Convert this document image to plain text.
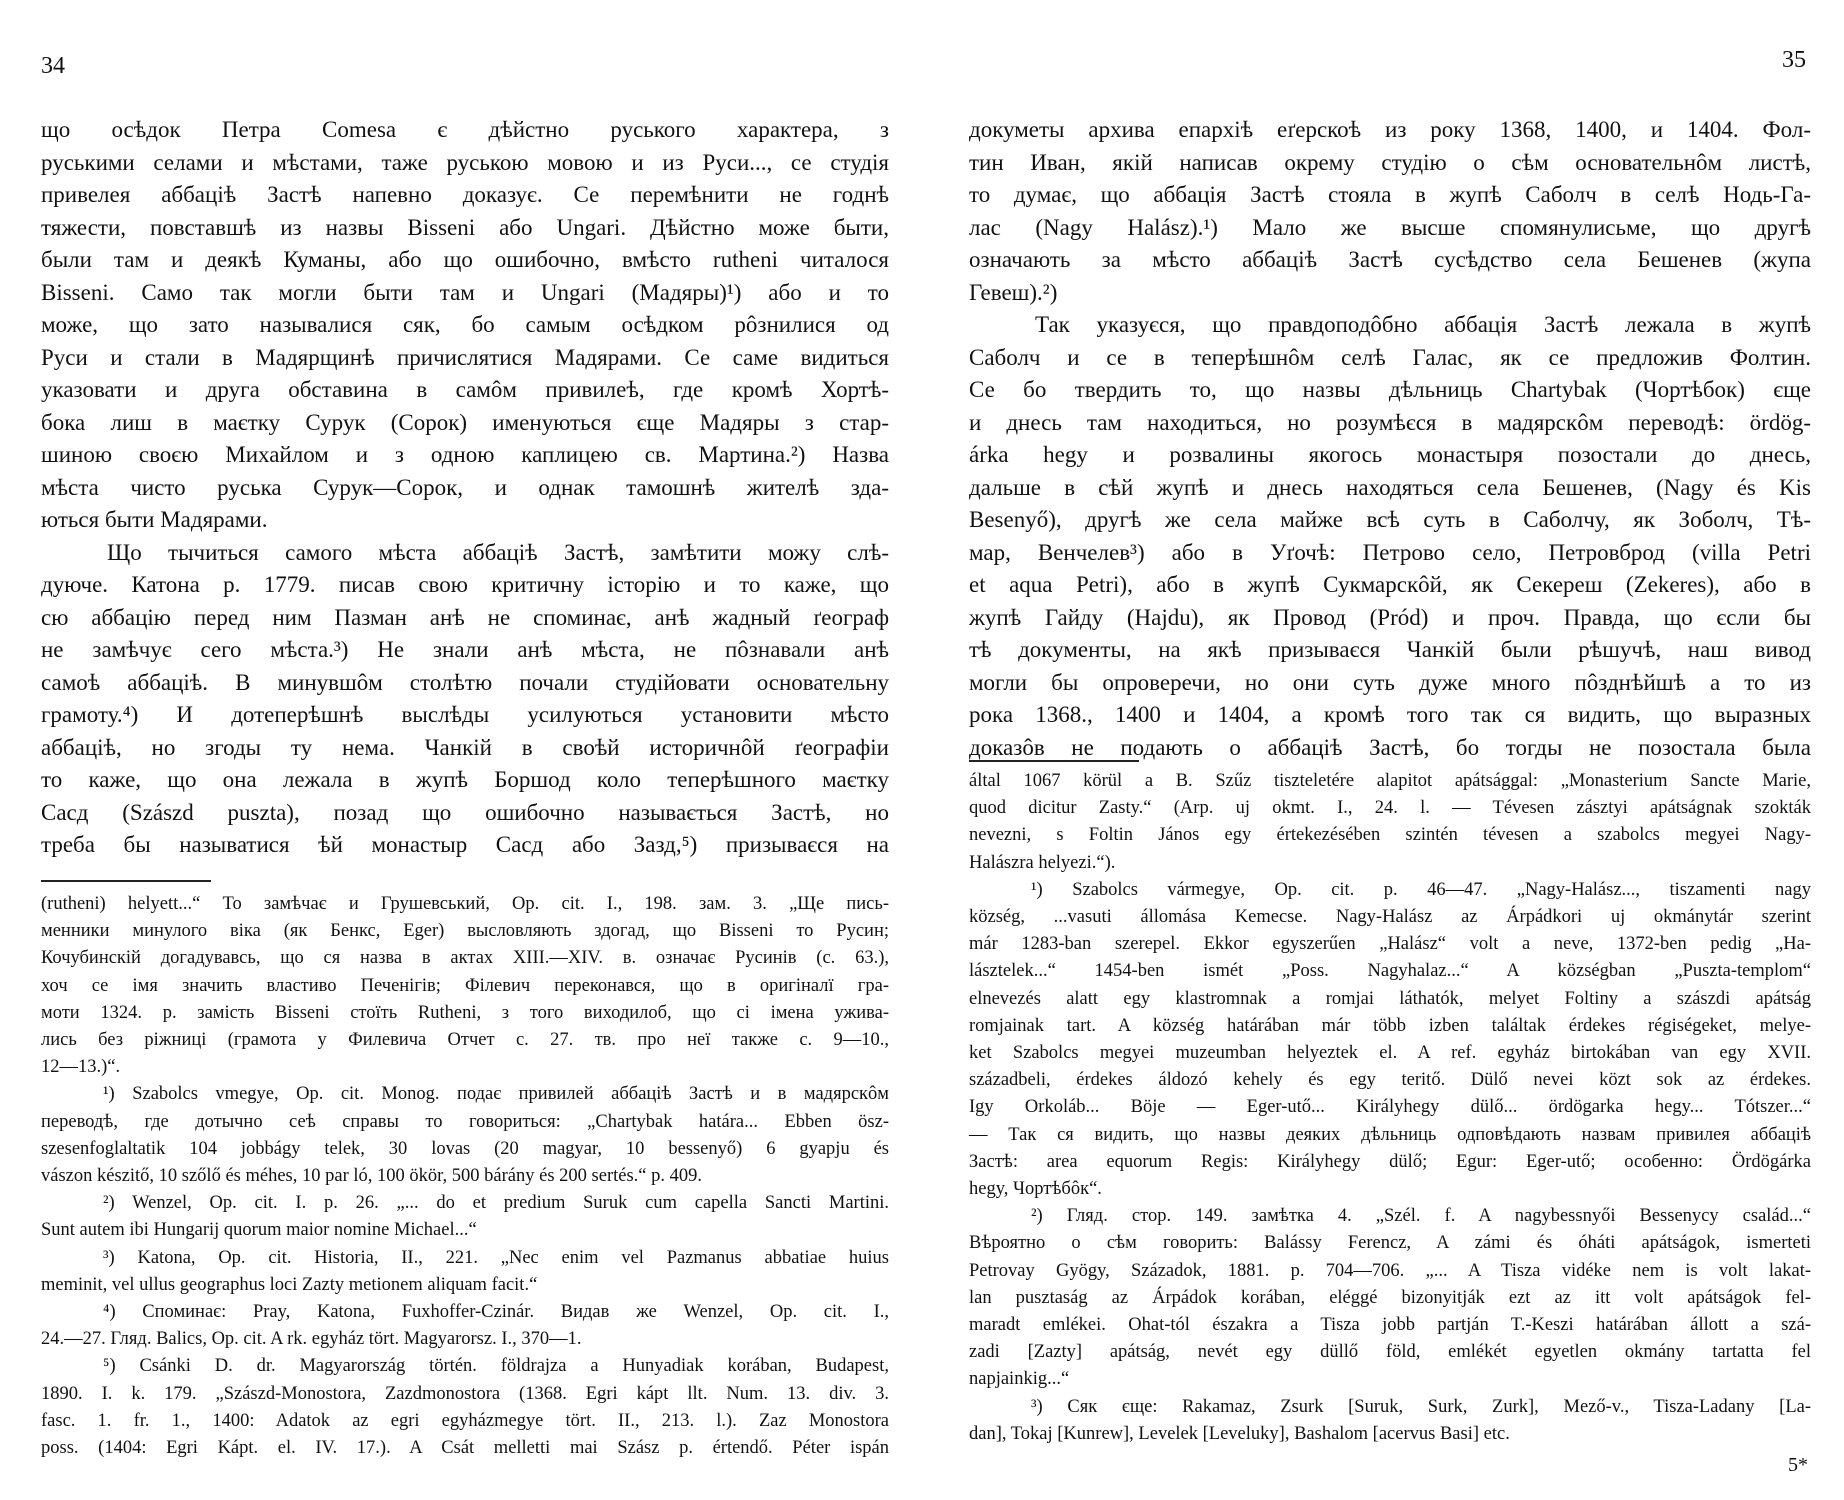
34	35
що осѣдок Петра Comesa є дѣйстно руського характера, з
руськими селами и мѣстами, таже руською мовою и из Руси..., се студія
привелея аббаціѣ Застѣ напевно доказує. Се перемѣнити не годнѣ
тяжести, повставшѣ из назвы Bisseni або Ungari. Дѣйстно може быти,
были там и деякѣ Куманы, або що ошибочно, вмѣсто rutheni читалося
Bisseni. Само так могли быти там и Ungari (Мадяры)¹) або и то
може, що зато называлися сяк, бо самым осѣдком рôзнилися од
Руси и стали в Мадярщинѣ причислятися Мадярами. Се саме видиться
указовати и друга обставина в самôм привилеѣ, где кромѣ Хортѣ-
бока лиш в маєтку Сурук (Сорок) именуються єще Мадяры з стар-
шиною своєю Михайлом и з одною каплицею св. Мартина.²) Назва
мѣста чисто руська Сурук—Сорок, и однак тамошнѣ жителѣ зда-
ються быти Мадярами.
Що тычиться самого мѣста аббаціѣ Застѣ, замѣтити можу слѣ-
дуюче. Катона р. 1779. писав свою критичну історію и то каже, що
сю аббацію перед ним Пазман анѣ не споминає, анѣ жадный ґеограф
не замѣчує сего мѣста.³) Не знали анѣ мѣста, не пôзнавали анѣ
самоѣ аббаціѣ. В минувшôм столѣтю почали студійовати основательну
грамоту.⁴) И дотеперѣшнѣ выслѣды усилуються установити мѣсто
аббаціѣ, но згоды ту нема. Чанкій в своѣй историчнôй ґеографіи
то каже, що она лежала в жупѣ Боршод коло теперѣшного маєтку
Сасд (Szászd puszta), позад що ошибочно называється Застѣ, но
треба бы называтися ѣй монастыр Сасд або Зазд,⁵) призываєся на
(rutheni) helyett...“ То замѣчає и Грушевський, Op. cit. I., 198. зам. 3. „Ще пись-
менники минулого віка (як Бенкс, Eger) высловляють здогад, що Bisseni то Русин;
Кочубинскій догадувавсь, що ся назва в актах XIII.—XIV. в. означає Русинів (с. 63.),
хоч се імя значить властиво Печенігів; Філевич переконався, що в оригіналї гра-
моти 1324. р. замість Bisseni стоїть Rutheni, з того виходилоб, що сі імена ужива-
лись без ріжниці (грамота у Филевича Отчет с. 27. тв. про неї также с. 9—10.,
12—13.)“.
¹) Szabolcs vmegye, Op. cit. Monog. подає привилей аббаціѣ Застѣ и в мадярскôм
переводѣ, где дотычно сеѣ справы то говориться: „Chartybak határa... Ebben ösz-
szesenfoglaltatik 104 jobbágy telek, 30 lovas (20 magyar, 10 bessenyő) 6 gyapju és
vászon készitő, 10 szőlő és méhes, 10 par ló, 100 ökör, 500 bárány és 200 sertés.“ p. 409.
²) Wenzel, Op. cit. I. p. 26. „... do et predium Suruk cum capella Sancti Martini.
Sunt autem ibi Hungarij quorum maior nomine Michael...“
³) Katona, Op. cit. Historia, II., 221. „Nec enim vel Pazmanus abbatiae huius
meminit, vel ullus geographus loci Zazty metionem aliquam facit.“
⁴) Споминає: Pray, Katona, Fuxhoffer-Czinár. Видав же Wenzel, Op. cit. I.,
24.—27. Гляд. Balics, Op. cit. A rk. egyház tört. Magyarorsz. I., 370—1.
⁵) Csánki D. dr. Magyarország történ. földrajza a Hunyadiak korában, Budapest,
1890. I. k. 179. „Szászd-Monostora, Zazdmonostora (1368. Egri kápt llt. Num. 13. div. 3.
fasc. 1. fr. 1., 1400: Adatok az egri egyházmegye tört. II., 213. l.). Zaz Monostora
poss. (1404: Egri Kápt. el. IV. 17.). A Csát melletti mai Szász p. értendő. Péter ispán
докуметы архива епархіѣ еґерскоѣ из року 1368, 1400, и 1404. Фол-
тин Иван, якій написав окрему студію о сѣм основательнôм листѣ,
то думає, що аббація Застѣ стояла в жупѣ Саболч в селѣ Нодь-Га-
лас (Nagy Halász).¹) Мало же высше спомянулисьме, що другѣ
означають за мѣсто аббаціѣ Застѣ сусѣдство села Бешенев (жупа
Гевеш).²)
Так указуєся, що правдоподôбно аббація Застѣ лежала в жупѣ
Саболч и се в теперѣшнôм селѣ Галас, як се предложив Фолтин.
Се бо твердить то, що назвы дѣльниць Chartybak (Чортѣбок) єще
и днесь там находиться, но розумѣєся в мадярскôм переводѣ: ördög-
árka hegy и розвалины якогось монастыря позостали до днесь,
дальше в сѣй жупѣ и днесь находяться села Бешенев, (Nagy és Kis
Besenyő), другѣ же села майже всѣ суть в Саболчу, як Зоболч, Тѣ-
мар, Венчелев³) або в Уґочѣ: Петрово село, Петровброд (villa Petri
et aqua Petri), або в жупѣ Сукмарскôй, як Секереш (Zekeres), або в
жупѣ Гайду (Hajdu), як Провод (Pród) и проч. Правда, що єсли бы
тѣ документы, на якѣ призываєся Чанкій были рѣшучѣ, наш вивод
могли бы опроверечи, но они суть дуже много пôзднѣйшѣ а то из
рока 1368., 1400 и 1404, а кромѣ того так ся видить, що выразных
доказôв не подають о аббаціѣ Застѣ, бо тогды не позостала была
által 1067 körül a B. Szűz tiszteletére alapitot apátsággal: „Monasterium Sancte Marie,
quod dicitur Zasty.“ (Arp. uj okmt. I., 24. l. — Tévesen zásztyi apátságnak szokták
nevezni, s Foltin János egy értekezésében szintén tévesen a szabolcs megyei Nagy-
Halászra helyezi.“).
¹) Szabolcs vármegye, Op. cit. p. 46—47. „Nagy-Halász..., tiszamenti nagy
község, ...vasuti állomása Kemecse. Nagy-Halász az Árpádkori uj okmánytár szerint
már 1283-ban szerepel. Ekkor egyszerűen „Halász“ volt a neve, 1372-ben pedig „Ha-
lásztelek...“ 1454-ben ismét „Poss. Nagyhalaz...“ A községban „Puszta-templom“
elnevezés alatt egy klastromnak a romjai láthatók, melyet Foltiny a szászdi apátság
romjainak tart. A község határában már több izben találtak érdekes régiségeket, melye-
ket Szabolcs megyei muzeumban helyeztek el. A ref. egyház birtokában van egy XVII.
századbeli, érdekes áldozó kehely és egy teritő. Dülő nevei közt sok az érdekes.
Igy Orkoláb... Böje — Eger-utő... Királyhegy dülő... ördögarka hegy... Tótszer...“
— Так ся видить, що назвы деяких дѣльниць одповѣдають назвам привилея аббаціѣ
Застѣ: area equorum Regis: Királyhegy dülő; Egur: Eger-utő; особенно: Ördögárka
hegy, Чортѣбôк“.
²) Гляд. стор. 149. замѣтка 4. „Szél. f. A nagybessnyői Bessenycy család...“
Вѣроятно о сѣм говорить: Balássy Ferencz, A zámi és óháti apátságok, ismerteti
Petrovay Gyögy, Századok, 1881. p. 704—706. „... A Tisza vidéke nem is volt lakat-
lan pusztaság az Árpádok korában, eléggé bizonyitják ezt az itt volt apátságok fel-
maradt emlékei. Ohat-tól északra a Tisza jobb partján T.-Keszi határában állott a szá-
zadi [Zazty] apátság, nevét egy düllő föld, emlékét egyetlen okmány tartatta fel
napjainkig...“
³) Сяк єще: Rakamaz, Zsurk [Suruk, Surk, Zurk], Mező-v., Tisza-Ladany [La-
dan], Tokaj [Kunrew], Levelek [Leveluky], Bashalom [acervus Basi] etc.
5*
